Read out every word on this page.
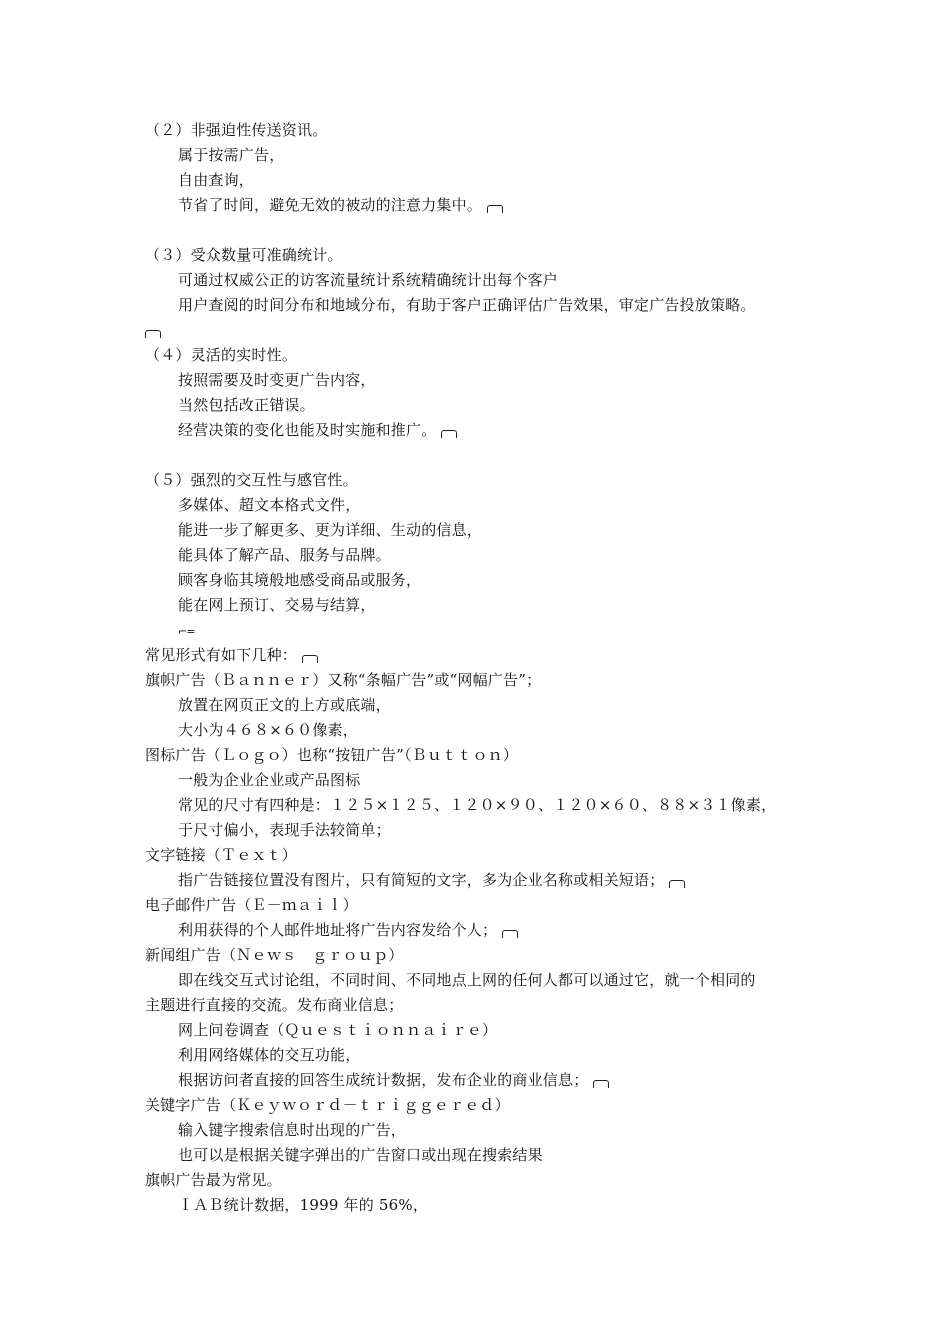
（２）非强迫性传送资讯。
属于按需广告，
自由查询，
节省了时间，避免无效的被动的注意力集中。
（３）受众数量可准确统计。
可通过权威公正的访客流量统计系统精确统计出每个客户
用户查阅的时间分布和地域分布，有助于客户正确评估广告效果，审定广告投放策略。
（４）灵活的实时性。
按照需要及时变更广告内容，
当然包括改正错误。
经营决策的变化也能及时实施和推广。
（５）强烈的交互性与感官性。
多媒体、超文本格式文件，
能进一步了解更多、更为详细、生动的信息，
能具体了解产品、服务与品牌。
顾客身临其境般地感受商品或服务，
能在网上预订、交易与结算，
⌐=
常见形式有如下几种：
旗帜广告（Ｂａｎｎｅｒ）又称“条幅广告”或“网幅广告”；
放置在网页正文的上方或底端，
大小为４６８×６０像素，
图标广告（Ｌｏｇｏ）也称“按钮广告”（Ｂｕｔｔｏｎ）
一般为企业企业或产品图标
常见的尺寸有四种是：１２５×１２５、１２０×９０、１２０×６０、８８×３１像素，
于尺寸偏小，表现手法较简单；
文字链接（Ｔｅｘｔ）
指广告链接位置没有图片，只有简短的文字，多为企业名称或相关短语；
电子邮件广告（Ｅ－ｍａｉｌ）
利用获得的个人邮件地址将广告内容发给个人；
新闻组广告（Ｎｅｗｓ　ｇｒｏｕｐ）
即在线交互式讨论组，不同时间、不同地点上网的任何人都可以通过它，就一个相同的
主题进行直接的交流。发布商业信息；
网上问卷调查（Ｑｕｅｓｔｉｏｎｎａｉｒｅ）
利用网络媒体的交互功能，
根据访问者直接的回答生成统计数据，发布企业的商业信息；
关键字广告（Ｋｅｙｗｏｒｄ－ｔｒｉｇｇｅｒｅｄ）
输入键字搜索信息时出现的广告，
也可以是根据关键字弹出的广告窗口或出现在搜索结果
旗帜广告最为常见。
ＩＡＢ统计数据，1999 年的 56%，
